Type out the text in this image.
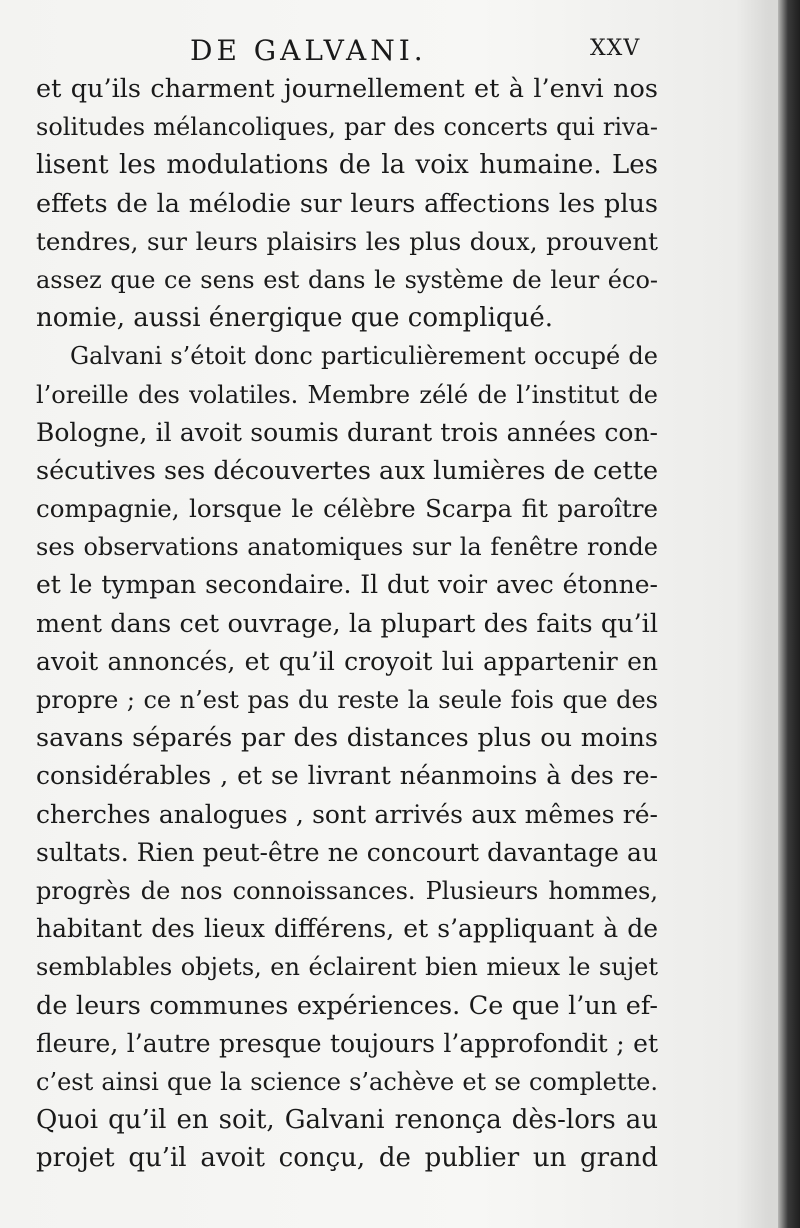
DE GALVANI.	XXV
et qu’ils charment journellement et à l’envi nos
solitudes mélancoliques, par des concerts qui riva-
lisent les modulations de la voix humaine. Les
effets de la mélodie sur leurs affections les plus
tendres, sur leurs plaisirs les plus doux, prouvent
assez que ce sens est dans le système de leur éco-
nomie, aussi énergique que compliqué.
Galvani s’étoit donc particulièrement occupé de
l’oreille des volatiles. Membre zélé de l’institut de
Bologne, il avoit soumis durant trois années con-
sécutives ses découvertes aux lumières de cette
compagnie, lorsque le célèbre Scarpa fit paroître
ses observations anatomiques sur la fenêtre ronde
et le tympan secondaire. Il dut voir avec étonne-
ment dans cet ouvrage, la plupart des faits qu’il
avoit annoncés, et qu’il croyoit lui appartenir en
propre ; ce n’est pas du reste la seule fois que des
savans séparés par des distances plus ou moins
considérables , et se livrant néanmoins à des re-
cherches analogues , sont arrivés aux mêmes ré-
sultats. Rien peut-être ne concourt davantage au
progrès de nos connoissances. Plusieurs hommes,
habitant des lieux différens, et s’appliquant à de
semblables objets, en éclairent bien mieux le sujet
de leurs communes expériences. Ce que l’un ef-
fleure, l’autre presque toujours l’approfondit ; et
c’est ainsi que la science s’achève et se complette.
Quoi qu’il en soit, Galvani renonça dès-lors au
projet qu’il avoit conçu, de publier un grand
